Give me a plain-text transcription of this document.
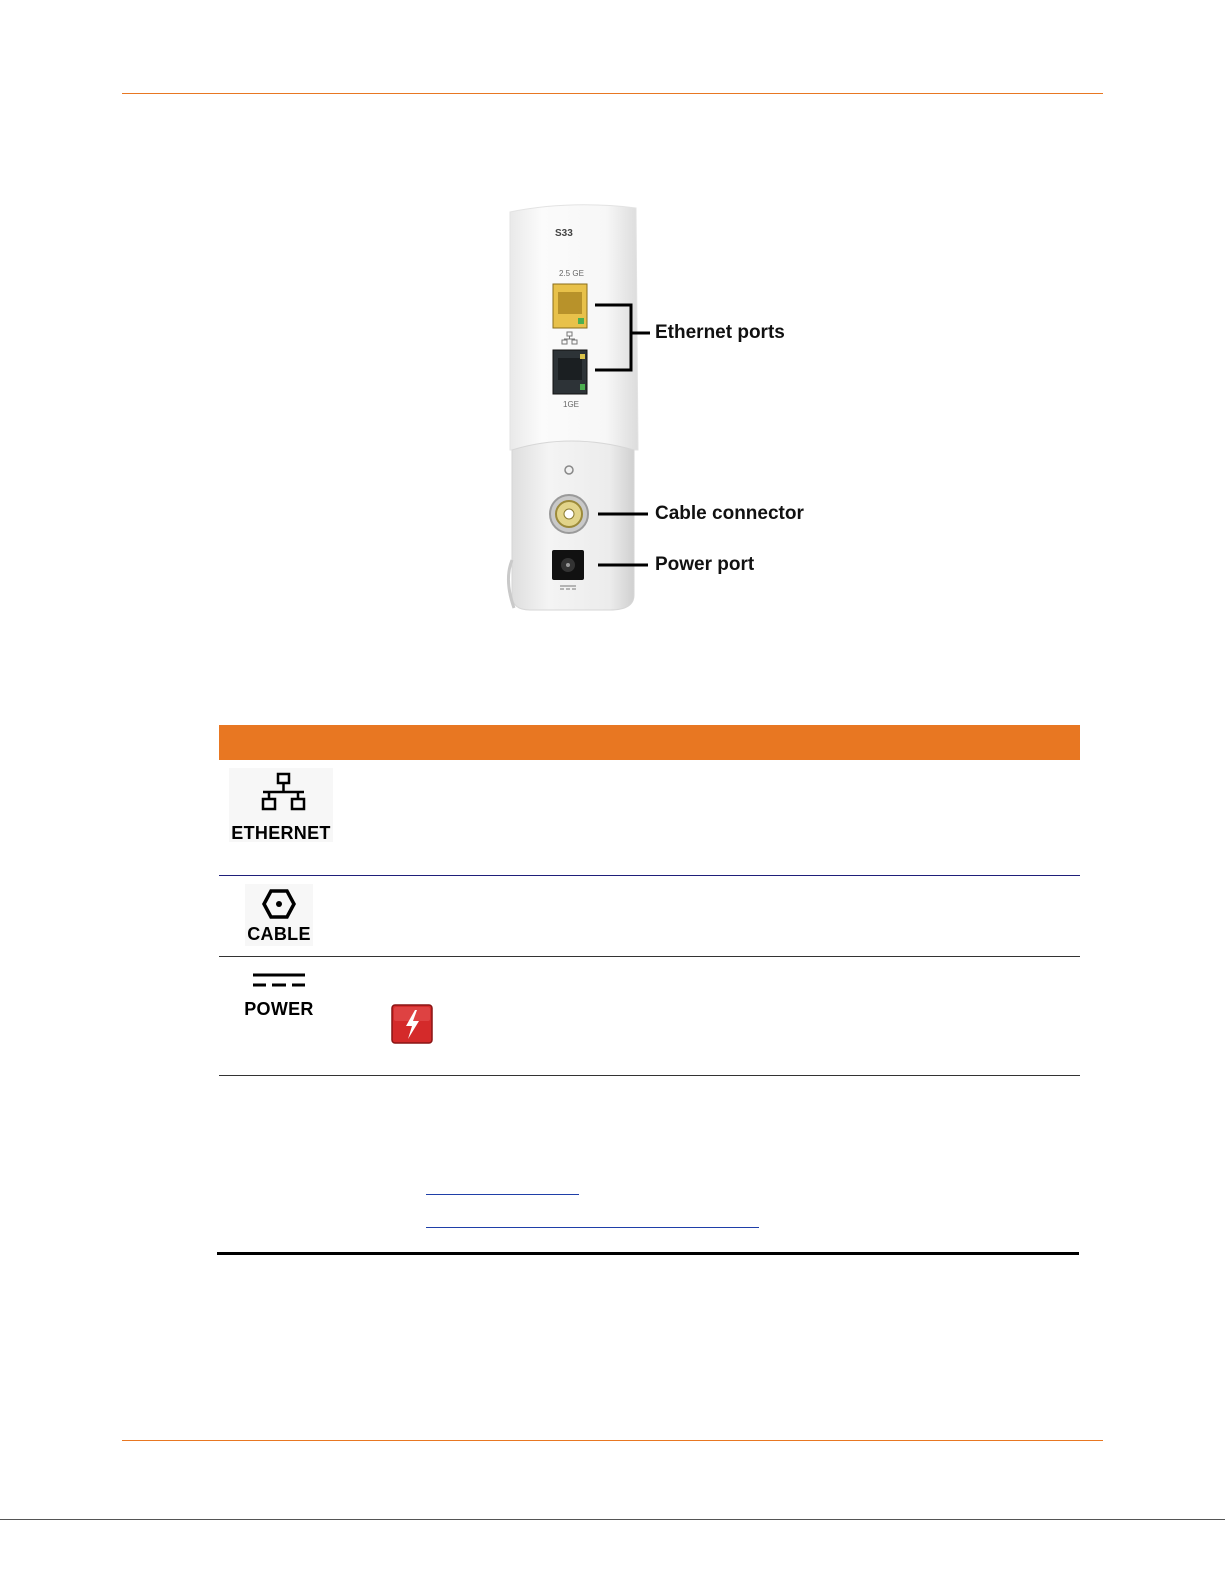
S33
2.5 GE
1GE
Ethernet ports
Cable connector
Power port
ETHERNET
CABLE
POWER
